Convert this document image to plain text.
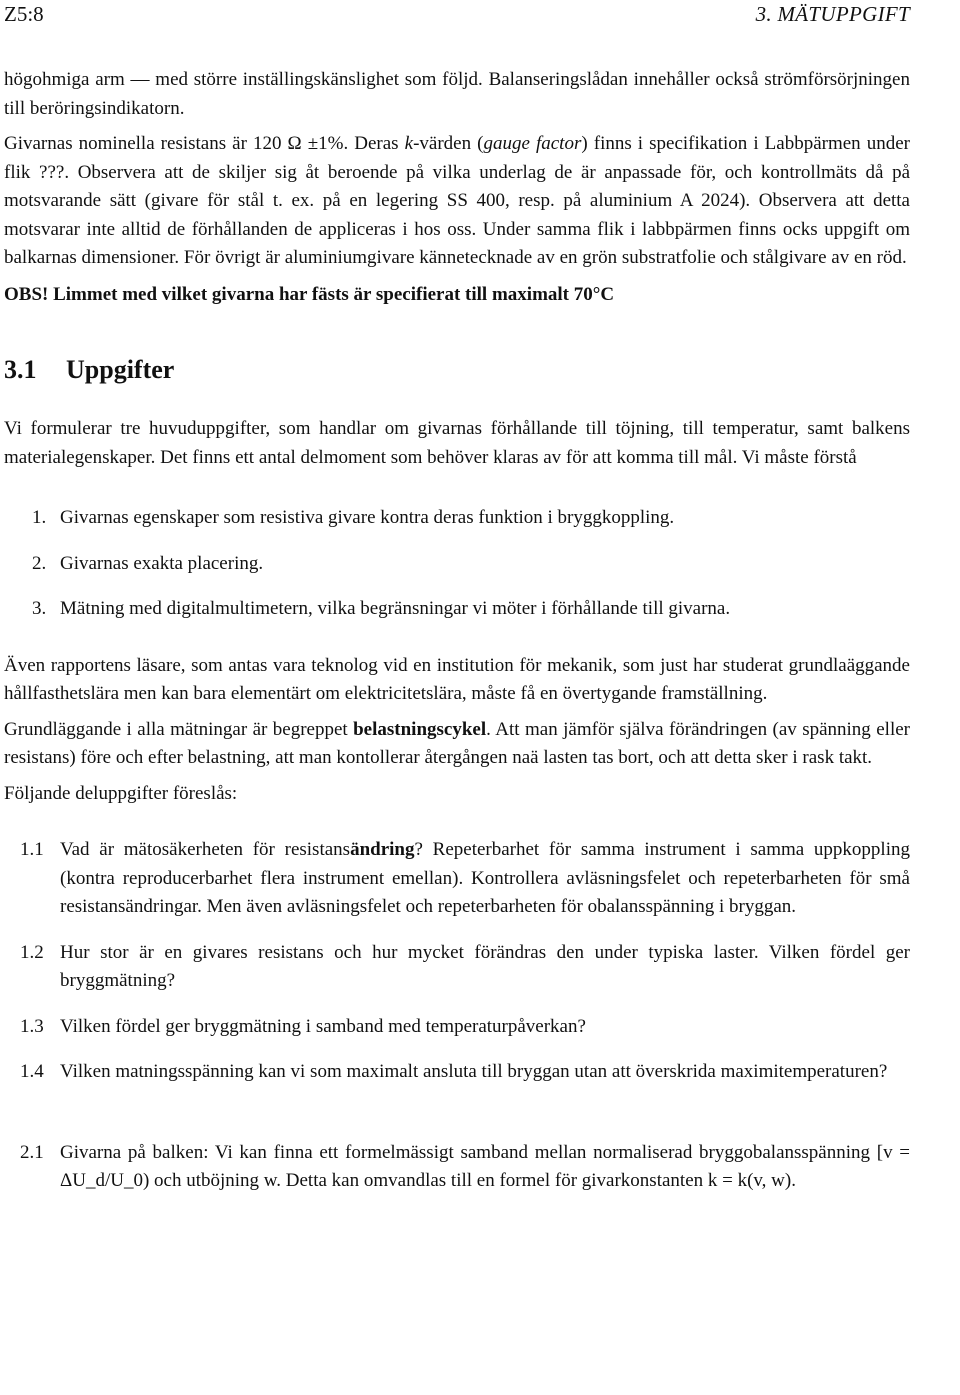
Z5:8	3. MÄTUPPGIFT

högohmiga arm — med större inställingskänslighet som följd. Balanseringslådan innehåller också strömförsörjningen till beröringsindikatorn.

Givarnas nominella resistans är 120 Ω ±1%. Deras k-värden (gauge factor) finns i specifikation i Labbpärmen under flik ???. Observera att de skiljer sig åt beroende på vilka underlag de är anpassade för, och kontrollmäts då på motsvarande sätt (givare för stål t. ex. på en legering SS 400, resp. på aluminium A 2024). Observera att detta motsvarar inte alltid de förhållanden de appliceras i hos oss. Under samma flik i labbpärmen finns ocks uppgift om balkarnas dimensioner. För övrigt är aluminiumgivare kännetecknade av en grön substratfolie och stålgivare av en röd.

OBS! Limmet med vilket givarna har fästs är specifierat till maximalt 70°C

3.1 Uppgifter

Vi formulerar tre huvuduppgifter, som handlar om givarnas förhållande till töjning, till temperatur, samt balkens materialegenskaper. Det finns ett antal delmoment som behöver klaras av för att komma till mål. Vi måste förstå

1. Givarnas egenskaper som resistiva givare kontra deras funktion i bryggkoppling.
2. Givarnas exakta placering.
3. Mätning med digitalmultimetern, vilka begränsningar vi möter i förhållande till givarna.

Även rapportens läsare, som antas vara teknolog vid en institution för mekanik, som just har studerat grundlaäggande hållfasthetslära men kan bara elementärt om elektricitetslära, måste få en övertygande framställning.

Grundläggande i alla mätningar är begreppet belastningscykel. Att man jämför själva förändringen (av spänning eller resistans) före och efter belastning, att man kontollerar återgången naä lasten tas bort, och att detta sker i rask takt.

Följande deluppgifter föreslås:

1.1 Vad är mätosäkerheten för resistansändring? Repeterbarhet för samma instrument i samma uppkoppling (kontra reproducerbarhet flera instrument emellan). Kontrollera avläsningsfelet och repeterbarheten för små resistansändringar. Men även avläsningsfelet och repeterbarheten för obalansspänning i bryggan.
1.2 Hur stor är en givares resistans och hur mycket förändras den under typiska laster. Vilken fördel ger bryggmätning?
1.3 Vilken fördel ger bryggmätning i samband med temperaturpåverkan?
1.4 Vilken matningsspänning kan vi som maximalt ansluta till bryggan utan att överskrida maximitemperaturen?
2.1 Givarna på balken: Vi kan finna ett formelmässigt samband mellan normaliserad bryggobalansspänning [v = ΔU_d/U_0) och utböjning w. Detta kan omvandlas till en formel för givarkonstanten k = k(v, w).
